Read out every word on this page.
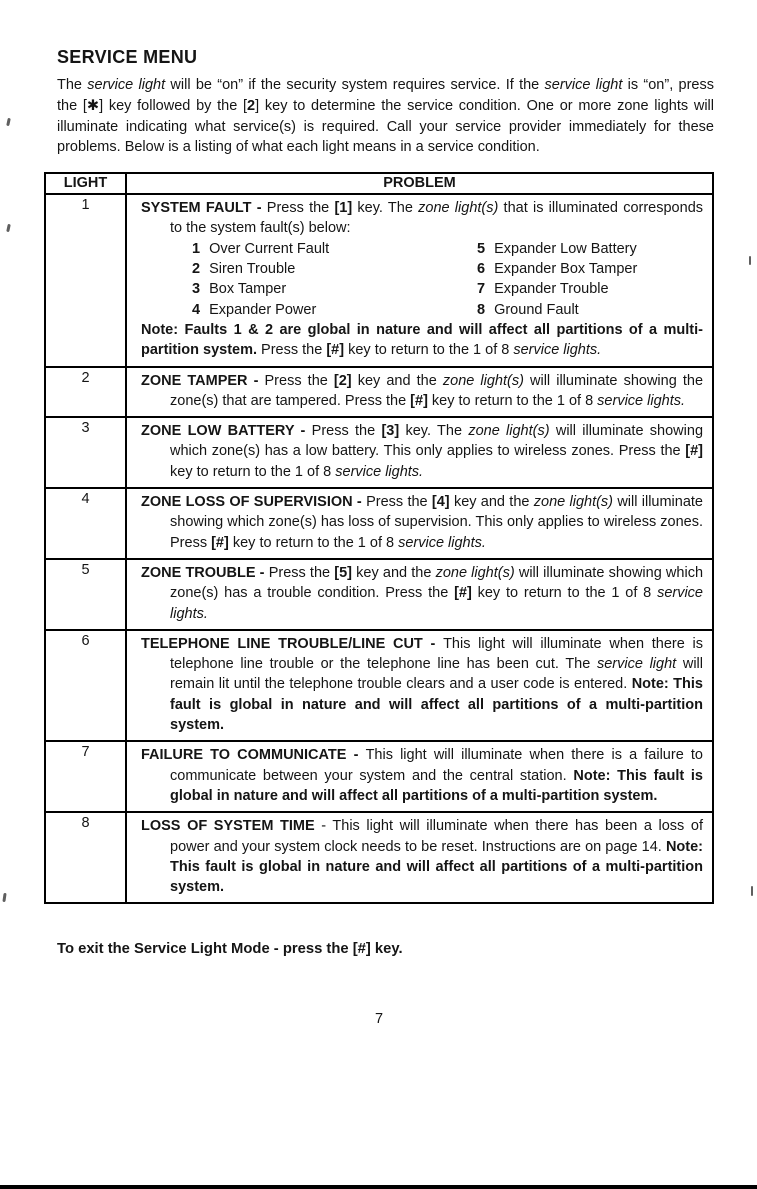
SERVICE MENU

The service light will be “on” if the security system requires service. If the service light is “on”, press the [✱] key followed by the [2] key to determine the service condition. One or more zone lights will illuminate indicating what service(s) is required. Call your service provider immediately for these problems. Below is a listing of what each light means in a service condition.

LIGHT	PROBLEM
1	SYSTEM FAULT - Press the [1] key. The zone light(s) that is illuminated corresponds to the system fault(s) below:

1 Over Current Fault
2 Siren Trouble
3 Box Tamper
4 Expander Power
5 Expander Low Battery
6 Expander Box Tamper
7 Expander Trouble
8 Ground Fault

Note: Faults 1 & 2 are global in nature and will affect all partitions of a multi-partition system. Press the [#] key to return to the 1 of 8 service lights.

2	ZONE TAMPER - Press the [2] key and the zone light(s) will illuminate showing the zone(s) that are tampered. Press the [#] key to return to the 1 of 8 service lights.

3	ZONE LOW BATTERY - Press the [3] key. The zone light(s) will illuminate showing which zone(s) has a low battery. This only applies to wireless zones. Press the [#] key to return to the 1 of 8 service lights.

4	ZONE LOSS OF SUPERVISION - Press the [4] key and the zone light(s) will illuminate showing which zone(s) has loss of supervision. This only applies to wireless zones. Press [#] key to return to the 1 of 8 service lights.

5	ZONE TROUBLE - Press the [5] key and the zone light(s) will illuminate showing which zone(s) has a trouble condition. Press the [#] key to return to the 1 of 8 service lights.

6	TELEPHONE LINE TROUBLE/LINE CUT - This light will illuminate when there is telephone line trouble or the telephone line has been cut. The service light will remain lit until the telephone trouble clears and a user code is entered. Note: This fault is global in nature and will affect all partitions of a multi-partition system.

7	FAILURE TO COMMUNICATE - This light will illuminate when there is a failure to communicate between your system and the central station. Note: This fault is global in nature and will affect all partitions of a multi-partition system.

8	LOSS OF SYSTEM TIME - This light will illuminate when there has been a loss of power and your system clock needs to be reset. Instructions are on page 14. Note: This fault is global in nature and will affect all partitions of a multi-partition system.

To exit the Service Light Mode - press the [#] key.

7
